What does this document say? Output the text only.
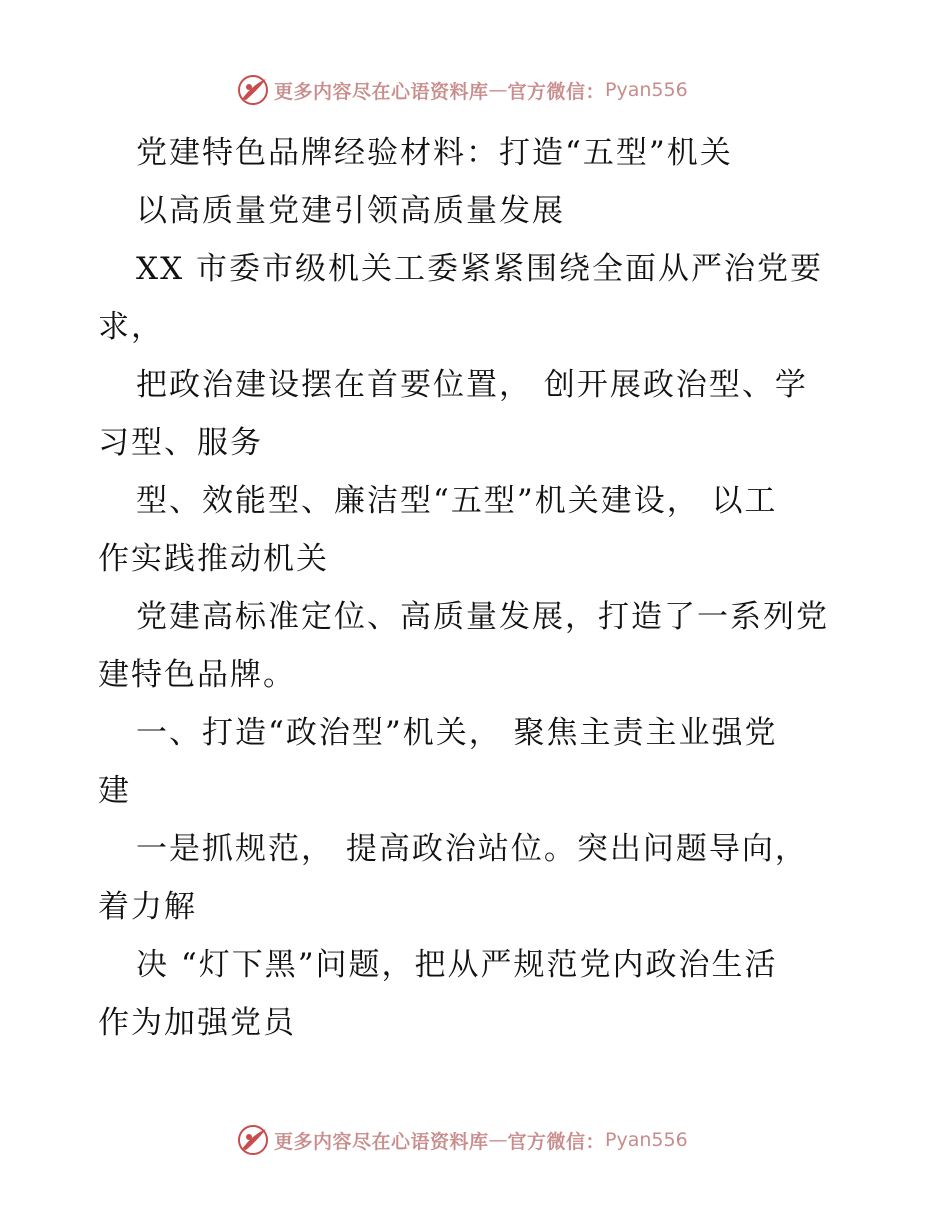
更多内容尽在心语资料库 — 官方微信： Pyan556
党建特色品牌经验材料：打造“五型”机关
以高质量党建引领高质量发展
XX 市委市级机关工委紧紧围绕全面从严治党要
求，
把政治建设摆在首要位置， 创开展政治型、学
习型、服务
型、效能型、廉洁型“五型”机关建设， 以工
作实践推动机关
党建高标准定位、高质量发展，打造了一系列党
建特色品牌。
一、打造“政治型”机关， 聚焦主责主业强党
建
一是抓规范， 提高政治站位。突出问题导向，
着力解
决 “灯下黑”问题，把从严规范党内政治生活
作为加强党员
更多内容尽在心语资料库 — 官方微信： Pyan556
